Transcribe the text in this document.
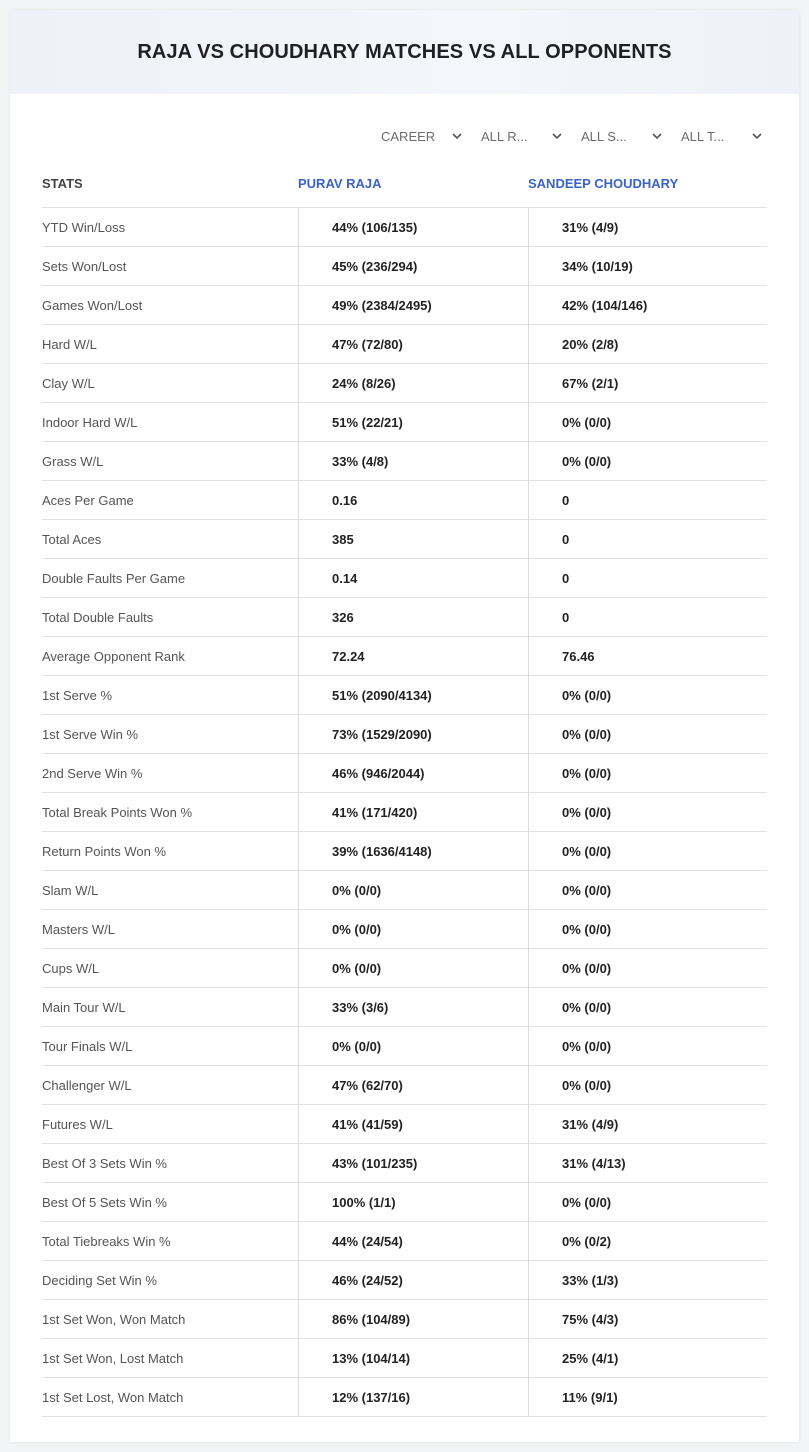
RAJA VS CHOUDHARY MATCHES VS ALL OPPONENTS
CAREER	ALL R...	ALL S...	ALL T...
STATS	PURAV RAJA	SANDEEP CHOUDHARY
YTD Win/Loss	44% (106/135)	31% (4/9)
Sets Won/Lost	45% (236/294)	34% (10/19)
Games Won/Lost	49% (2384/2495)	42% (104/146)
Hard W/L	47% (72/80)	20% (2/8)
Clay W/L	24% (8/26)	67% (2/1)
Indoor Hard W/L	51% (22/21)	0% (0/0)
Grass W/L	33% (4/8)	0% (0/0)
Aces Per Game	0.16	0
Total Aces	385	0
Double Faults Per Game	0.14	0
Total Double Faults	326	0
Average Opponent Rank	72.24	76.46
1st Serve %	51% (2090/4134)	0% (0/0)
1st Serve Win %	73% (1529/2090)	0% (0/0)
2nd Serve Win %	46% (946/2044)	0% (0/0)
Total Break Points Won %	41% (171/420)	0% (0/0)
Return Points Won %	39% (1636/4148)	0% (0/0)
Slam W/L	0% (0/0)	0% (0/0)
Masters W/L	0% (0/0)	0% (0/0)
Cups W/L	0% (0/0)	0% (0/0)
Main Tour W/L	33% (3/6)	0% (0/0)
Tour Finals W/L	0% (0/0)	0% (0/0)
Challenger W/L	47% (62/70)	0% (0/0)
Futures W/L	41% (41/59)	31% (4/9)
Best Of 3 Sets Win %	43% (101/235)	31% (4/13)
Best Of 5 Sets Win %	100% (1/1)	0% (0/0)
Total Tiebreaks Win %	44% (24/54)	0% (0/2)
Deciding Set Win %	46% (24/52)	33% (1/3)
1st Set Won, Won Match	86% (104/89)	75% (4/3)
1st Set Won, Lost Match	13% (104/14)	25% (4/1)
1st Set Lost, Won Match	12% (137/16)	11% (9/1)
